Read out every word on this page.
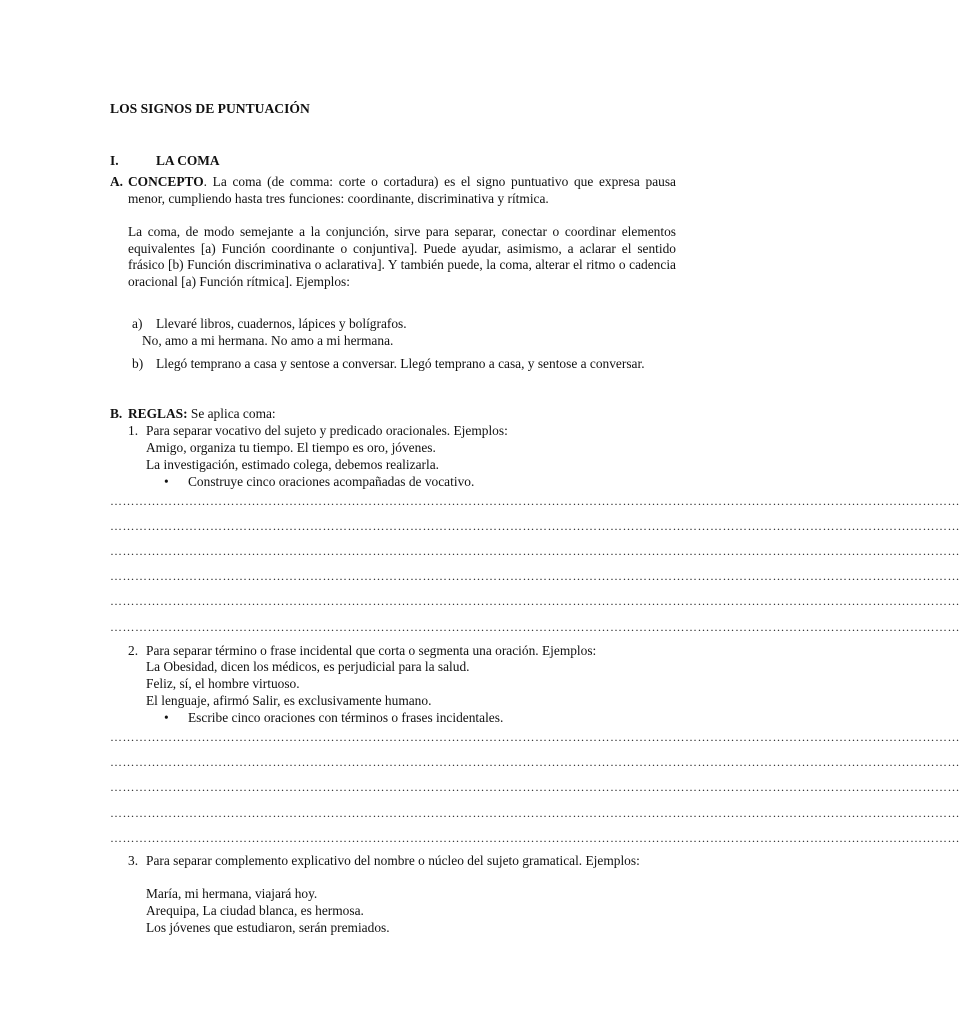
LOS SIGNOS DE PUNTUACIÓN
I.	LA COMA
A. CONCEPTO. La coma (de comma: corte o cortadura) es el signo puntuativo que expresa pausa menor, cumpliendo hasta tres funciones: coordinante, discriminativa y rítmica.
La coma, de modo semejante a la conjunción, sirve para separar, conectar o coordinar elementos equivalentes [a) Función coordinante o conjuntiva]. Puede ayudar, asimismo, a aclarar el sentido frásico [b) Función discriminativa o aclarativa]. Y también puede, la coma, alterar el ritmo o cadencia oracional [a) Función rítmica]. Ejemplos:
a) Llevaré libros, cuadernos, lápices y bolígrafos.
No, amo a mi hermana. No amo a mi hermana.
b) Llegó temprano a casa y sentose a conversar. Llegó temprano a casa, y sentose a conversar.
B. REGLAS: Se aplica coma:
1. Para separar vocativo del sujeto y predicado oracionales. Ejemplos:
Amigo, organiza tu tiempo. El tiempo es oro, jóvenes.
La investigación, estimado colega, debemos realizarla.
• Construye cinco oraciones acompañadas de vocativo.
……………………………………………………………………………………………………………………………………………………………………………………
……………………………………………………………………………………………………………………………………………………………………………………
……………………………………………………………………………………………………………………………………………………………………………………
……………………………………………………………………………………………………………………………………………………………………………………
……………………………………………………………………………………………………………………………………………………………………………………
……………………………………………………………………………………………………………………………………………………………………………………
2. Para separar término o frase incidental que corta o segmenta una oración. Ejemplos:
La Obesidad, dicen los médicos, es perjudicial para la salud.
Feliz, sí, el hombre virtuoso.
El lenguaje, afirmó Salir, es exclusivamente humano.
• Escribe cinco oraciones con términos o frases incidentales.
……………………………………………………………………………………………………………………………………………………………………………………
……………………………………………………………………………………………………………………………………………………………………………………
……………………………………………………………………………………………………………………………………………………………………………………
……………………………………………………………………………………………………………………………………………………………………………………
……………………………………………………………………………………………………………………………………………………………………………………
3. Para separar complemento explicativo del nombre o núcleo del sujeto gramatical. Ejemplos:
María, mi hermana, viajará hoy.
Arequipa, La ciudad blanca, es hermosa.
Los jóvenes que estudiaron, serán premiados.
